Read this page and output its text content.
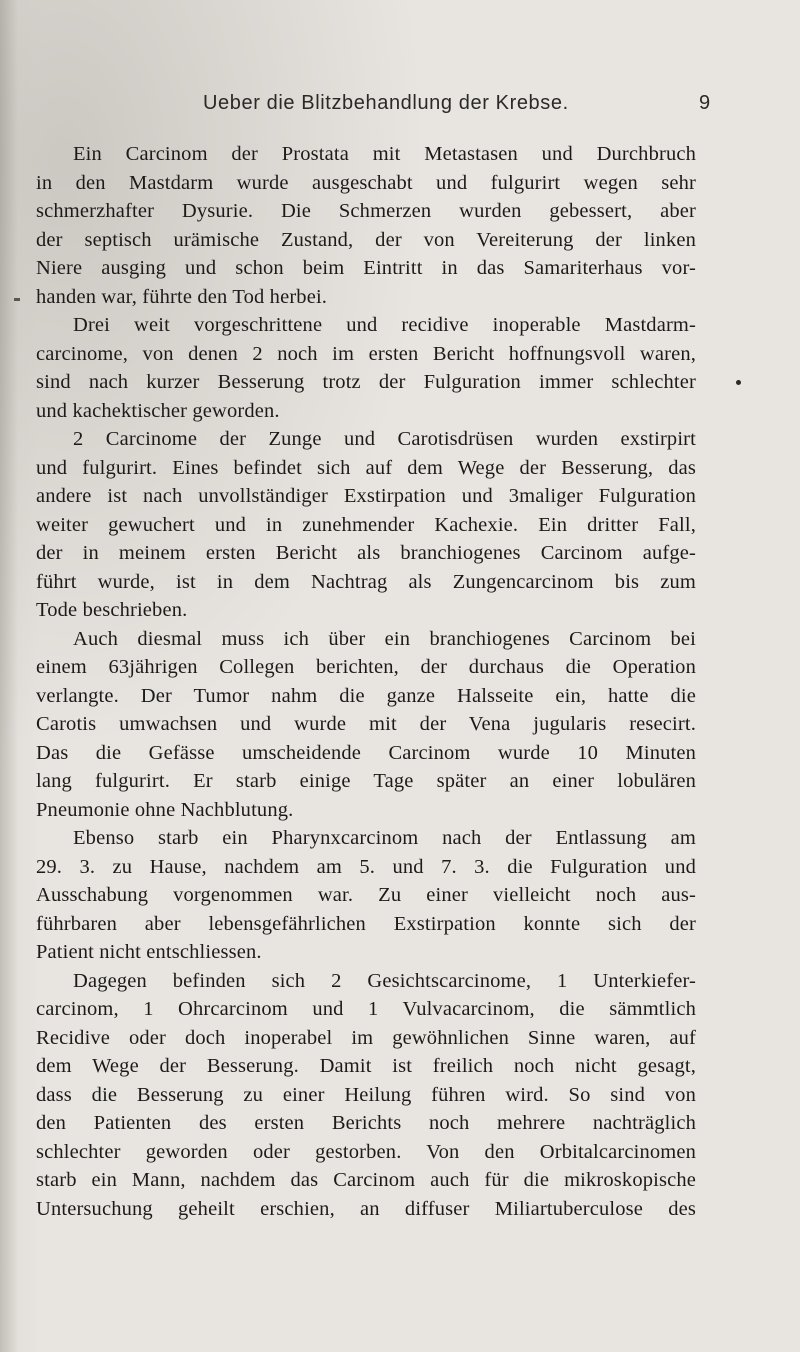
Ueber die Blitzbehandlung der Krebse.	9
Ein Carcinom der Prostata mit Metastasen und Durchbruch
in den Mastdarm wurde ausgeschabt und fulgurirt wegen sehr
schmerzhafter Dysurie. Die Schmerzen wurden gebessert, aber
der septisch urämische Zustand, der von Vereiterung der linken
Niere ausging und schon beim Eintritt in das Samariterhaus vor-
handen war, führte den Tod herbei.
Drei weit vorgeschrittene und recidive inoperable Mastdarm-
carcinome, von denen 2 noch im ersten Bericht hoffnungsvoll waren,
sind nach kurzer Besserung trotz der Fulguration immer schlechter
und kachektischer geworden.
2 Carcinome der Zunge und Carotisdrüsen wurden exstirpirt
und fulgurirt. Eines befindet sich auf dem Wege der Besserung, das
andere ist nach unvollständiger Exstirpation und 3maliger Fulguration
weiter gewuchert und in zunehmender Kachexie. Ein dritter Fall,
der in meinem ersten Bericht als branchiogenes Carcinom aufge-
führt wurde, ist in dem Nachtrag als Zungencarcinom bis zum
Tode beschrieben.
Auch diesmal muss ich über ein branchiogenes Carcinom bei
einem 63jährigen Collegen berichten, der durchaus die Operation
verlangte. Der Tumor nahm die ganze Halsseite ein, hatte die
Carotis umwachsen und wurde mit der Vena jugularis resecirt.
Das die Gefässe umscheidende Carcinom wurde 10 Minuten
lang fulgurirt. Er starb einige Tage später an einer lobulären
Pneumonie ohne Nachblutung.
Ebenso starb ein Pharynxcarcinom nach der Entlassung am
29. 3. zu Hause, nachdem am 5. und 7. 3. die Fulguration und
Ausschabung vorgenommen war. Zu einer vielleicht noch aus-
führbaren aber lebensgefährlichen Exstirpation konnte sich der
Patient nicht entschliessen.
Dagegen befinden sich 2 Gesichtscarcinome, 1 Unterkiefer-
carcinom, 1 Ohrcarcinom und 1 Vulvacarcinom, die sämmtlich
Recidive oder doch inoperabel im gewöhnlichen Sinne waren, auf
dem Wege der Besserung. Damit ist freilich noch nicht gesagt,
dass die Besserung zu einer Heilung führen wird. So sind von
den Patienten des ersten Berichts noch mehrere nachträglich
schlechter geworden oder gestorben. Von den Orbitalcarcinomen
starb ein Mann, nachdem das Carcinom auch für die mikroskopische
Untersuchung geheilt erschien, an diffuser Miliartuberculose des
